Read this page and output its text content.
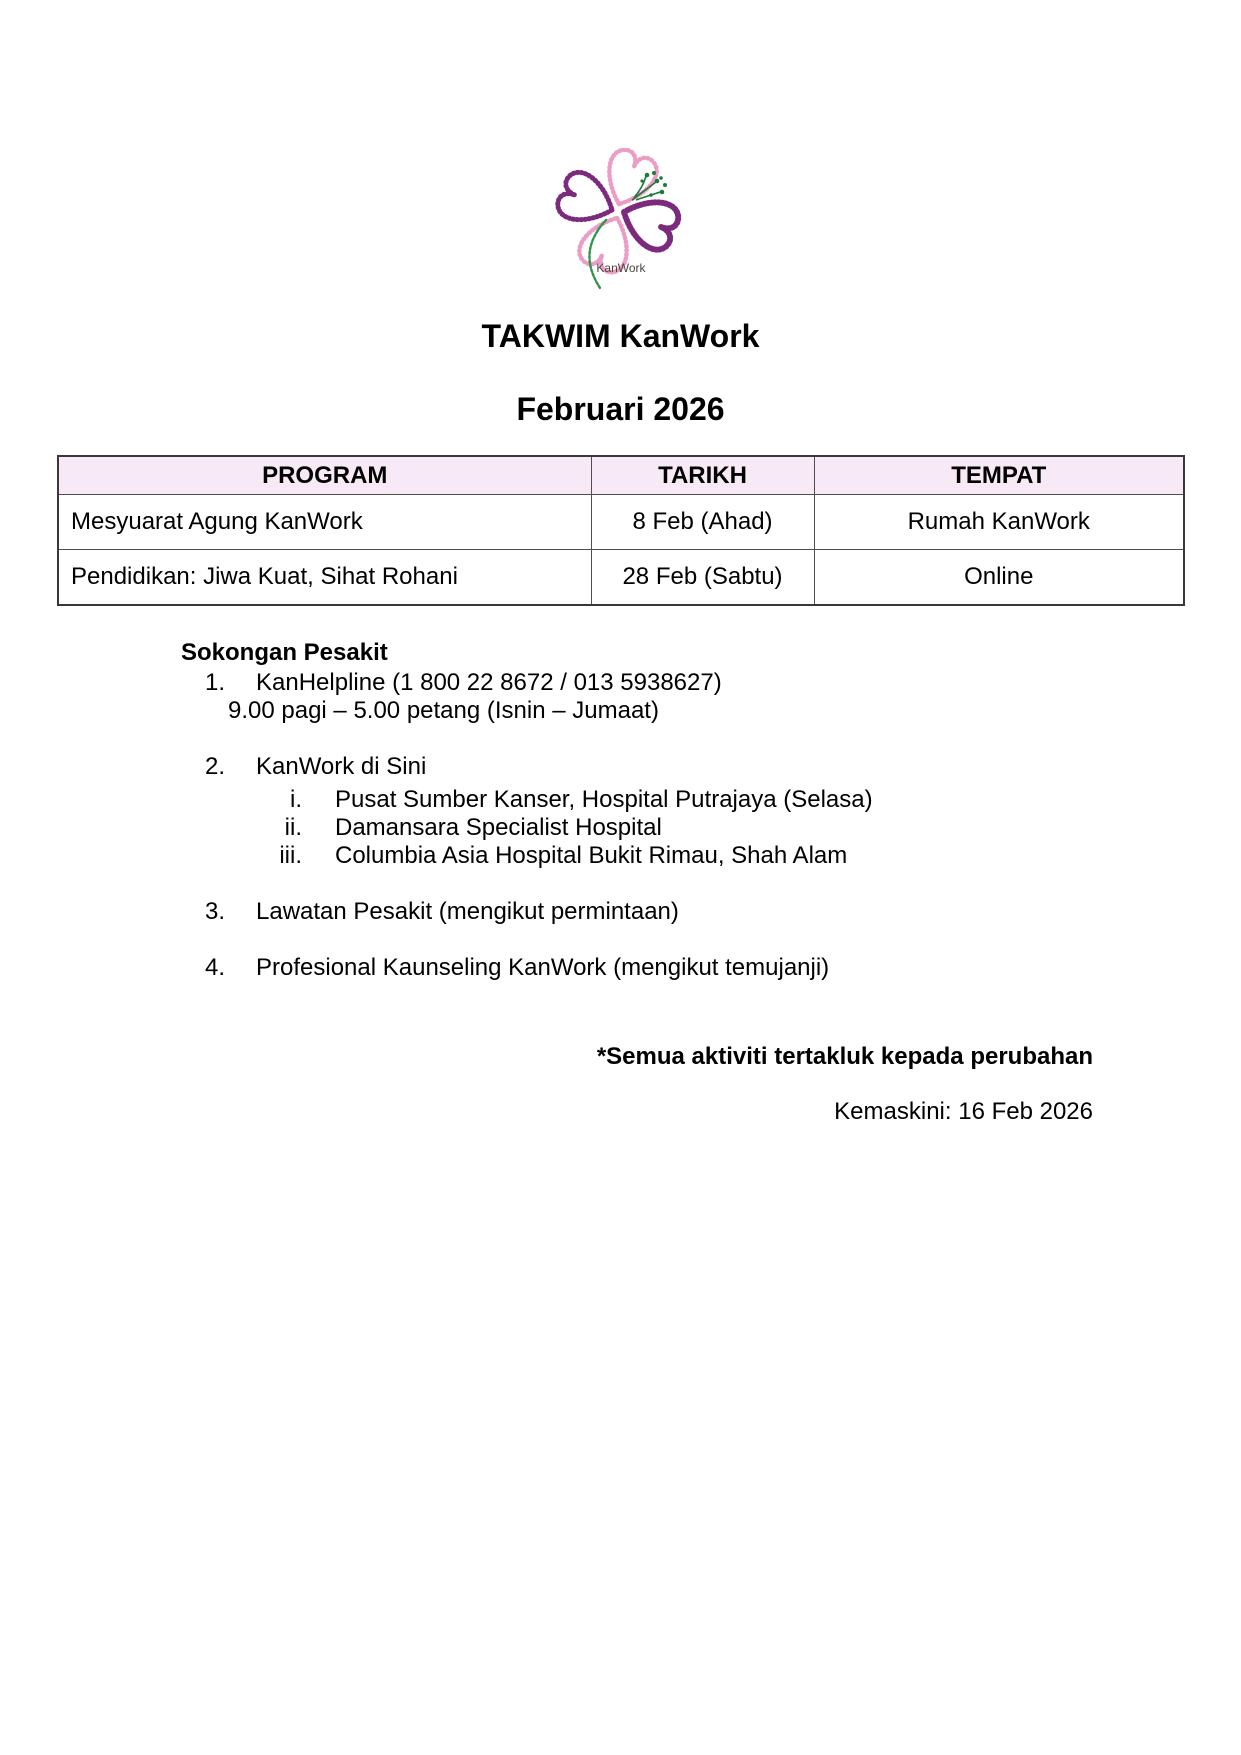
KanWork
TAKWIM KanWork
Februari 2026
PROGRAM	TARIKH	TEMPAT
Mesyuarat Agung KanWork	8 Feb (Ahad)	Rumah KanWork
Pendidikan: Jiwa Kuat, Sihat Rohani	28 Feb (Sabtu)	Online
Sokongan Pesakit
1.	KanHelpline (1 800 22 8672 / 013 5938627)
9.00 pagi – 5.00 petang (Isnin – Jumaat)
2.	KanWork di Sini
i. Pusat Sumber Kanser, Hospital Putrajaya (Selasa)
ii. Damansara Specialist Hospital
iii. Columbia Asia Hospital Bukit Rimau, Shah Alam
3.	Lawatan Pesakit (mengikut permintaan)
4.	Profesional Kaunseling KanWork (mengikut temujanji)
*Semua aktiviti tertakluk kepada perubahan
Kemaskini: 16 Feb 2026
